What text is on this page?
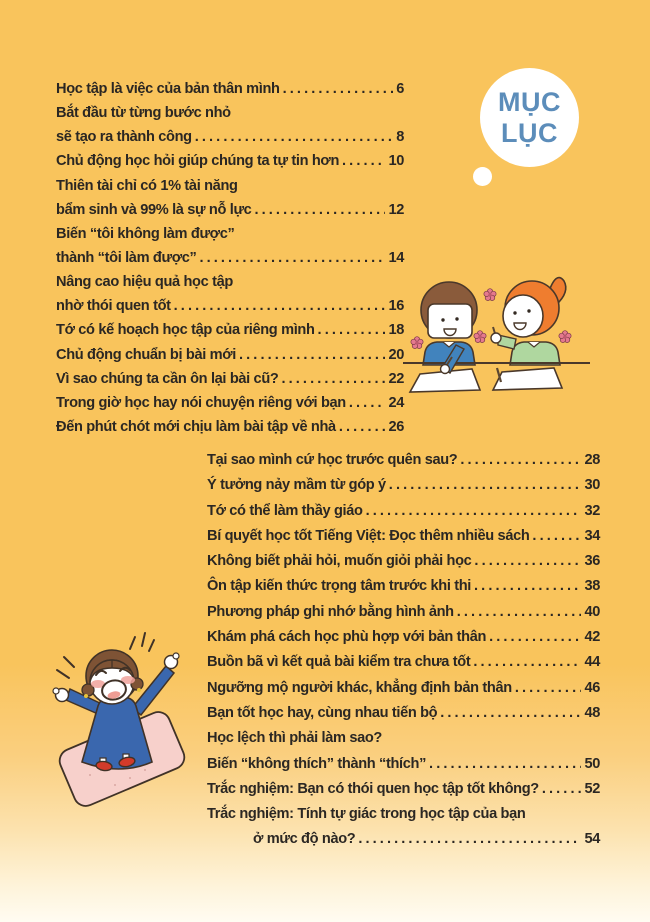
MỤC
LỤC
Học tập là việc của bản thân mình .....	6
Bắt đầu từ từng bước nhỏ
sẽ tạo ra thành công .....	8
Chủ động học hỏi giúp chúng ta tự tin hơn .....	10
Thiên tài chỉ có 1% tài năng
bẩm sinh và 99% là sự nỗ lực .....	12
Biến “tôi không làm được”
thành “tôi làm được” .....	14
Nâng cao hiệu quả học tập
nhờ thói quen tốt .....	16
Tớ có kế hoạch học tập của riêng mình .....	18
Chủ động chuẩn bị bài mới .....	20
Vì sao chúng ta cần ôn lại bài cũ? .....	22
Trong giờ học hay nói chuyện riêng với bạn .....	24
Đến phút chót mới chịu làm bài tập về nhà .....	26
Tại sao mình cứ học trước quên sau? .....	28
Ý tưởng nảy mầm từ góp ý .....	30
Tớ có thể làm thầy giáo .....	32
Bí quyết học tốt Tiếng Việt: Đọc thêm nhiều sách .....	34
Không biết phải hỏi, muốn giỏi phải học .....	36
Ôn tập kiến thức trọng tâm trước khi thi .....	38
Phương pháp ghi nhớ bằng hình ảnh .....	40
Khám phá cách học phù hợp với bản thân .....	42
Buồn bã vì kết quả bài kiểm tra chưa tốt .....	44
Ngưỡng mộ người khác, khẳng định bản thân .....	46
Bạn tốt học hay, cùng nhau tiến bộ .....	48
Học lệch thì phải làm sao?
Biến “không thích” thành “thích” .....	50
Trắc nghiệm: Bạn có thói quen học tập tốt không? .....	52
Trắc nghiệm: Tính tự giác trong học tập của bạn
ở mức độ nào? .....	54
